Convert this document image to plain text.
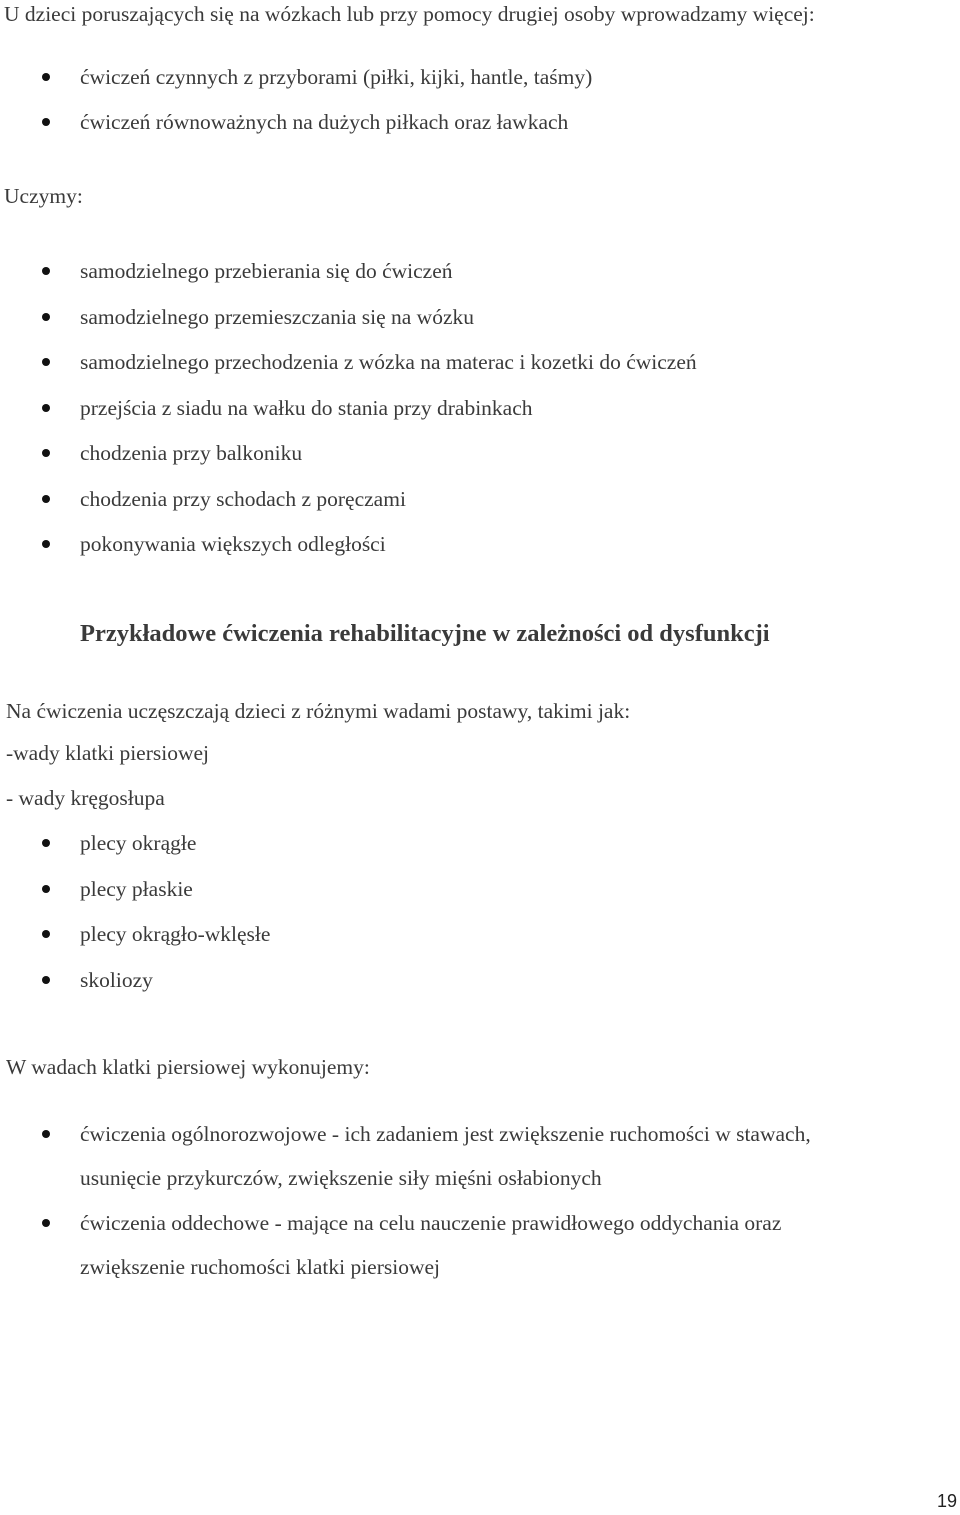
U dzieci poruszających się na wózkach lub przy pomocy drugiej osoby wprowadzamy więcej:
ćwiczeń czynnych z przyborami (piłki, kijki, hantle, taśmy)
ćwiczeń równoważnych na dużych piłkach oraz ławkach
Uczymy:
samodzielnego przebierania się do ćwiczeń
samodzielnego przemieszczania się na wózku
samodzielnego przechodzenia z wózka na materac i kozetki do ćwiczeń
przejścia z siadu na wałku do stania przy drabinkach
chodzenia przy balkoniku
chodzenia przy schodach z poręczami
pokonywania większych odległości
Przykładowe ćwiczenia rehabilitacyjne w zależności od dysfunkcji
Na ćwiczenia uczęszczają dzieci z różnymi wadami postawy, takimi jak:
-wady klatki piersiowej
- wady kręgosłupa
plecy okrągłe
plecy płaskie
plecy okrągło-wklęsłe
skoliozy
W wadach klatki piersiowej wykonujemy:
ćwiczenia ogólnorozwojowe - ich zadaniem jest zwiększenie ruchomości w stawach,
usunięcie przykurczów, zwiększenie siły mięśni osłabionych
ćwiczenia oddechowe - mające na celu nauczenie prawidłowego oddychania oraz
zwiększenie ruchomości klatki piersiowej
19
